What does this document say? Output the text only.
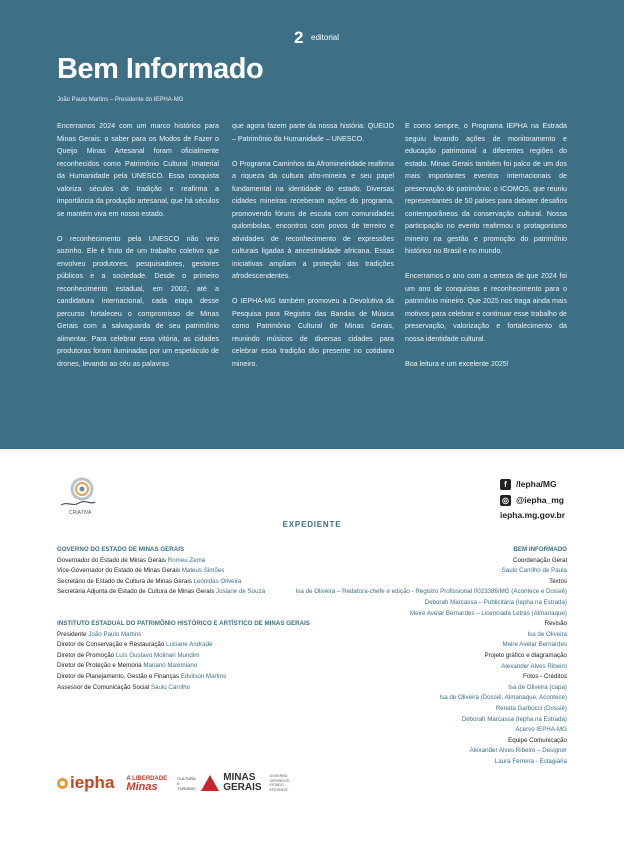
2 editorial
Bem Informado
João Paulo Martins – Presidente do IEPHA-MG

Encerramos 2024 com um marco histórico para Minas Gerais: o saber para os Modos de Fazer o Queijo Minas Artesanal foram oficialmente reconhecidos como Patrimônio Cultural Imaterial da Humanidade pela UNESCO. Essa conquista valoriza séculos de tradição e reafirma a importância da produção artesanal, que há séculos se mantém viva em nosso estado.

O reconhecimento pela UNESCO não veio sozinho. Ele é fruto de um trabalho coletivo que envolveu produtores, pesquisadores, gestores públicos e a sociedade. Desde o primeiro reconhecimento estadual, em 2002, até a candidatura internacional, cada etapa desse percurso fortaleceu o compromisso de Minas Gerais com a salvaguarda de seu patrimônio alimentar. Para celebrar essa vitória, as cidades produtoras foram iluminadas por um espetáculo de drones, levando ao céu as palavras

que agora fazem parte da nossa história: QUEIJO – Patrimônio da Humanidade – UNESCO.

O Programa Caminhos da Afromineiridade reafirma a riqueza da cultura afro-mineira e seu papel fundamental na identidade do estado. Diversas cidades mineiras receberam ações do programa, promovendo fóruns de escuta com comunidades quilombolas, encontros com povos de terreiro e atividades de reconhecimento de expressões culturais ligadas à ancestralidade africana. Essas iniciativas ampliam a proteção das tradições afrodescendentes.

O IEPHA-MG também promoveu a Devolutiva da Pesquisa para Registro das Bandas de Música como Patrimônio Cultural de Minas Gerais, reunindo músicos de diversas cidades para celebrar essa tradição tão presente no cotidiano mineiro.

E como sempre, o Programa IEPHA na Estrada seguiu levando ações de monitoramento e educação patrimonial a diferentes regiões do estado. Minas Gerais também foi palco de um dos mais importantes eventos internacionais de preservação do patrimônio: o ICOMOS, que reuniu representantes de 50 países para debater desafios contemporâneos da conservação cultural. Nossa participação no evento reafirmou o protagonismo mineiro na gestão e promoção do patrimônio histórico no Brasil e no mundo.

Encerramos o ano com a certeza de que 2024 foi um ano de conquistas e reconhecimento para o patrimônio mineiro. Que 2025 nos traga ainda mais motivos para celebrar e continuar esse trabalho de preservação, valorização e fortalecimento da nossa identidade cultural.

Boa leitura e um excelente 2025!

CRIATIVA
f	/Iepha/MG
◎ @iepha_mg
iepha.mg.gov.br
EXPEDIENTE
GOVERNO DO ESTADO DE MINAS GERAIS
Governador do Estado de Minas Gerais Romeu Zema
Vice-Governador do Estado de Minas Gerais Mateus Simões
Secretário de Estado de Cultura de Minas Gerais Leônidas Oliveira
Secretária Adjunta de Estado de Cultura de Minas Gerais Josiane de Souza
INSTITUTO ESTADUAL DO PATRIMÔNIO HISTÓRICO E ARTÍSTICO DE MINAS GERAIS
Presidente João Paulo Martins
Diretor de Conservação e Restauração Luciane Andrade
Diretor de Promoção Luís Gustavo Molinari Mundim
Diretor de Proteção e Memória Mariano Maximiano
Diretor de Planejamento, Gestão e Finanças Edvilson Martins
Assessor de Comunicação Social Saulo Carrilho
BEM INFORMADO
Coordenação Geral
Saulo Carrilho de Paula
Textos
Isa de Oliveira – Redatora-chefe e edição - Registro Profissional 0023386/MG (Acontece e Dossiê)
Deborah Marcassa – Publicitária (Iepha na Estrada)
Meire Avelar Bernardes – Licenciada Letras (Almanaque)
Revisão
Isa de Oliveira
Meire Avelar Bernardes
Projeto gráfico e diagramação
Alexander Alves Ribeiro
Fotos - Créditos
Isa de Oliveira (capa)
Isa de Oliveira (Dossiê, Almanaque, Acontece)
Renata Garbocci (Dossiê)
Deborah Marcassa (Iepha na Estrada)
Acervo IEPHA-MG
Equipe Comunicação
Alexander Alves Ribeiro – Designer
Laura Ferreira - Estagiária
iepha A LIBERDADE
Minas
CULTURA E TURISMO
MINAS
GERAIS
GOVERNO DIFERENTE. ESTADO EFICIENTE.
